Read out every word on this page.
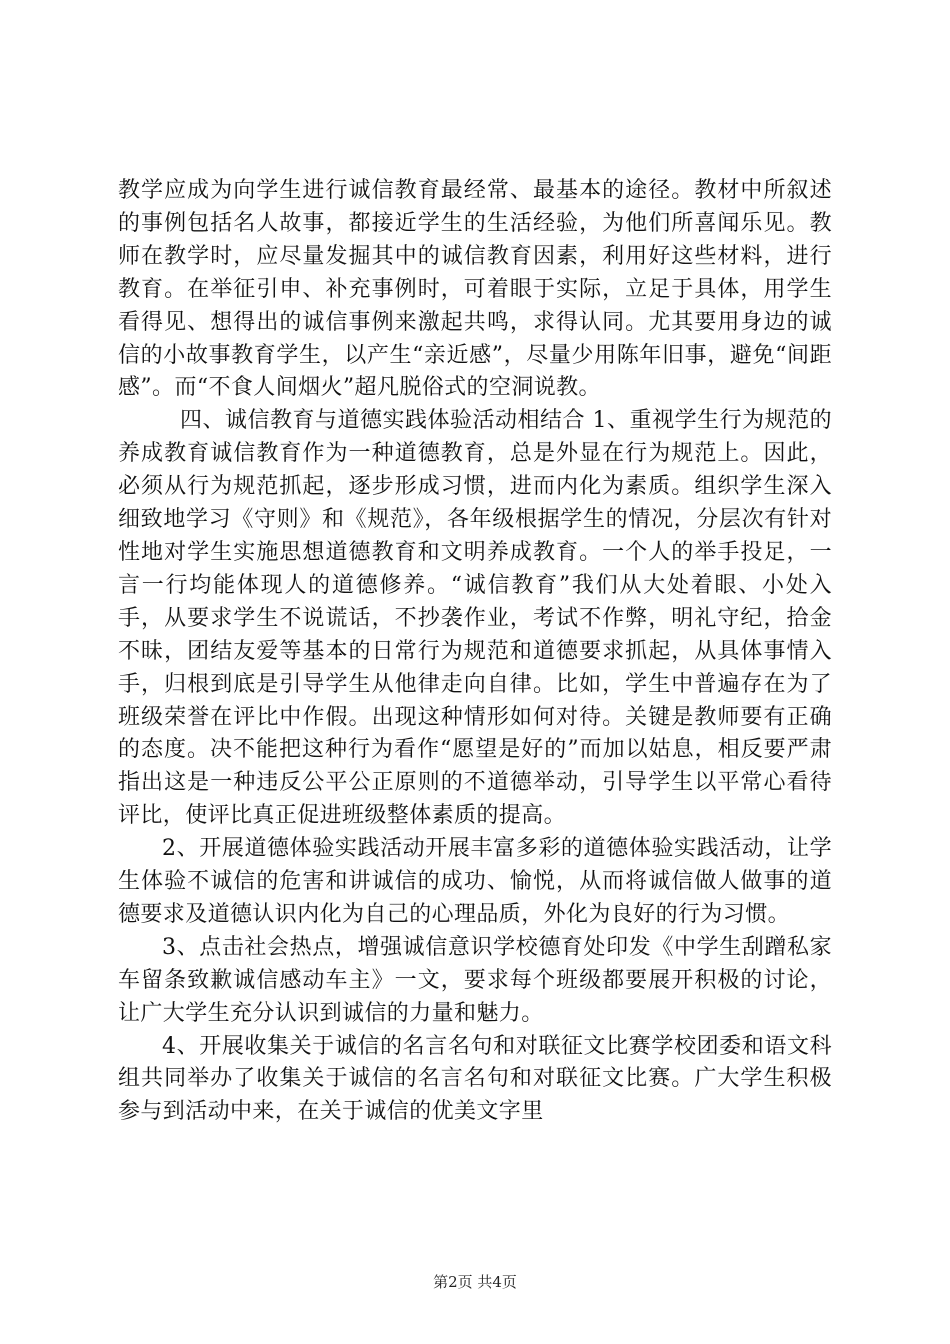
教学应成为向学生进行诚信教育最经常、最基本的途径。教材中所叙述的事例包括名人故事，都接近学生的生活经验，为他们所喜闻乐见。教师在教学时，应尽量发掘其中的诚信教育因素，利用好这些材料，进行教育。在举征引申、补充事例时，可着眼于实际，立足于具体，用学生看得见、想得出的诚信事例来激起共鸣，求得认同。尤其要用身边的诚信的小故事教育学生，以产生“亲近感”，尽量少用陈年旧事，避免“间距感”。而“不食人间烟火”超凡脱俗式的空洞说教。

四、诚信教育与道德实践体验活动相结合 1、重视学生行为规范的养成教育诚信教育作为一种道德教育，总是外显在行为规范上。因此，必须从行为规范抓起，逐步形成习惯，进而内化为素质。组织学生深入细致地学习《守则》和《规范》，各年级根据学生的情况，分层次有针对性地对学生实施思想道德教育和文明养成教育。一个人的举手投足，一言一行均能体现人的道德修养。“诚信教育”我们从大处着眼、小处入手，从要求学生不说谎话，不抄袭作业，考试不作弊，明礼守纪，拾金不昧，团结友爱等基本的日常行为规范和道德要求抓起，从具体事情入手，归根到底是引导学生从他律走向自律。比如，学生中普遍存在为了班级荣誉在评比中作假。出现这种情形如何对待。关键是教师要有正确的态度。决不能把这种行为看作“愿望是好的”而加以姑息，相反要严肃指出这是一种违反公平公正原则的不道德举动，引导学生以平常心看待评比，使评比真正促进班级整体素质的提高。

2、开展道德体验实践活动开展丰富多彩的道德体验实践活动，让学生体验不诚信的危害和讲诚信的成功、愉悦，从而将诚信做人做事的道德要求及道德认识内化为自己的心理品质，外化为良好的行为习惯。

3、点击社会热点，增强诚信意识学校德育处印发《中学生刮蹭私家车留条致歉诚信感动车主》一文，要求每个班级都要展开积极的讨论，让广大学生充分认识到诚信的力量和魅力。

4、开展收集关于诚信的名言名句和对联征文比赛学校团委和语文科组共同举办了收集关于诚信的名言名句和对联征文比赛。广大学生积极参与到活动中来，在关于诚信的优美文字里

第2页 共4页
